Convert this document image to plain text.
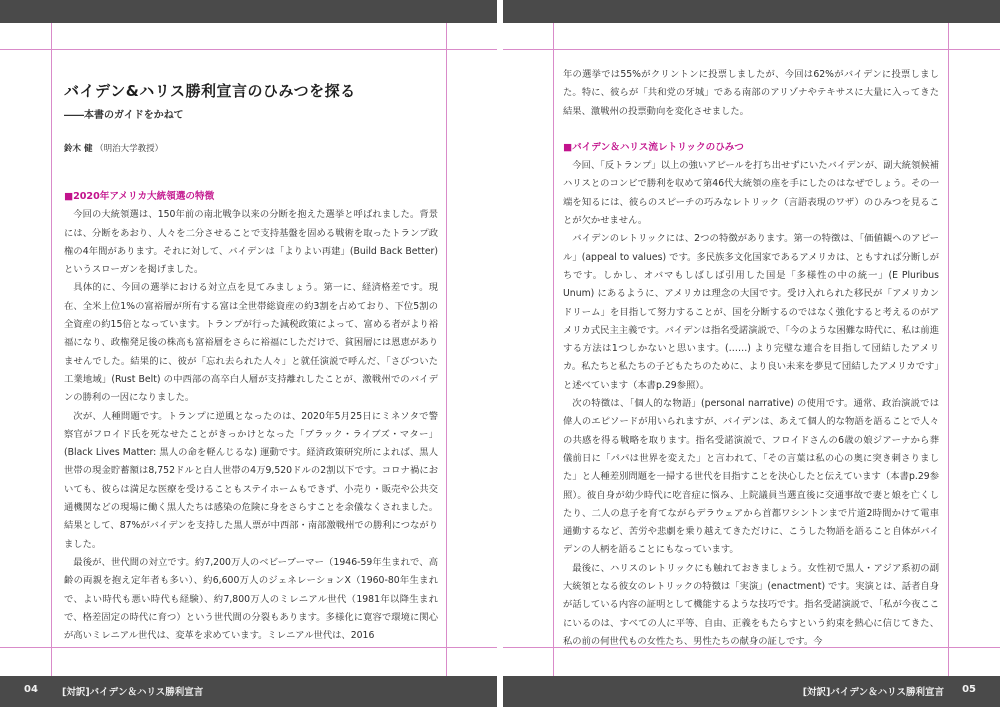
バイデン&ハリス勝利宣言のひみつを探る
――本書のガイドをかねて
鈴木 健 （明治大学教授）
■2020年アメリカ大統領選の特徴

今回の大統領選は、150年前の南北戦争以来の分断を抱えた選挙と呼ばれました。背景には、分断をあおり、人々を二分させることで支持基盤を固める戦術を取ったトランプ政権の4年間があります。それに対して、バイデンは「よりよい再建」(Build Back Better) というスローガンを掲げました。

具体的に、今回の選挙における対立点を見てみましょう。第一に、経済格差です。現在、全米上位1%の富裕層が所有する富は全世帯総資産の約3割を占めており、下位5割の全資産の約15倍となっています。トランプが行った減税政策によって、富める者がより裕福になり、政権発足後の株高も富裕層をさらに裕福にしただけで、貧困層には恩恵がありませんでした。結果的に、彼が「忘れ去られた人々」と就任演説で呼んだ、「さびついた工業地域」(Rust Belt) の中西部の高卒白人層が支持離れしたことが、激戦州でのバイデンの勝利の一因になりました。

次が、人種問題です。トランプに逆風となったのは、2020年5月25日にミネソタで警察官がフロイド氏を死なせたことがきっかけとなった「ブラック・ライブズ・マター」(Black Lives Matter: 黒人の命を軽んじるな) 運動です。経済政策研究所によれば、黒人世帯の現金貯蓄額は8,752ドルと白人世帯の4万9,520ドルの2割以下です。コロナ禍においても、彼らは満足な医療を受けることもステイホームもできず、小売り・販売や公共交通機関などの現場に働く黒人たちは感染の危険に身をさらすことを余儀なくされました。結果として、87%がバイデンを支持した黒人票が中西部・南部激戦州での勝利につながりました。

最後が、世代間の対立です。約7,200万人のベビーブーマー（1946-59年生まれで、高齢の両親を抱え定年者も多い）、約6,600万人のジェネレーションX（1960-80年生まれで、よい時代も悪い時代も経験）、約7,800万人のミレニアル世代（1981年以降生まれで、格差固定の時代に育つ）という世代間の分裂もあります。多様化に寛容で環境に関心が高いミレニアル世代は、変革を求めています。ミレニアル世代は、2016

年の選挙では55%がクリントンに投票しましたが、今回は62%がバイデンに投票しました。特に、彼らが「共和党の牙城」である南部のアリゾナやテキサスに大量に入ってきた結果、激戦州の投票動向を変化させました。

■バイデン＆ハリス流レトリックのひみつ

今回、「反トランプ」以上の強いアピールを打ち出せずにいたバイデンが、副大統領候補ハリスとのコンビで勝利を収めて第46代大統領の座を手にしたのはなぜでしょう。その一端を知るには、彼らのスピーチの巧みなレトリック（言語表現のワザ）のひみつを見ることが欠かせません。

バイデンのレトリックには、2つの特徴があります。第一の特徴は、「価値観へのアピール」(appeal to values) です。多民族多文化国家であるアメリカは、ともすれば分断しがちです。しかし、オバマもしばしば引用した国是「多様性の中の統一」(E Pluribus Unum) にあるように、アメリカは理念の大国です。受け入れられた移民が「アメリカンドリーム」を目指して努力することが、国を分断するのではなく強化すると考えるのがアメリカ式民主主義です。バイデンは指名受諾演説で、「今のような困難な時代に、私は前進する方法は1つしかないと思います。(……) より完璧な連合を目指して団結したアメリカ。私たちと私たちの子どもたちのために、より良い未来を夢見て団結したアメリカです」と述べています（本書p.29参照）。

次の特徴は、「個人的な物語」(personal narrative) の使用です。通常、政治演説では偉人のエピソードが用いられますが、バイデンは、あえて個人的な物語を語ることで人々の共感を得る戦略を取ります。指名受諾演説で、フロイドさんの6歳の娘ジアーナから葬儀前日に「パパは世界を変えた」と言われて、「その言葉は私の心の奥に突き刺さりました」と人種差別問題を一掃する世代を目指すことを決心したと伝えています（本書p.29参照）。彼自身が幼少時代に吃音症に悩み、上院議員当選直後に交通事故で妻と娘を亡くしたり、二人の息子を育てながらデラウェアから首都ワシントンまで片道2時間かけて電車通勤するなど、苦労や悲劇を乗り越えてきただけに、こうした物語を語ること自体がバイデンの人柄を語ることにもなっています。

最後に、ハリスのレトリックにも触れておきましょう。女性初で黒人・アジア系初の副大統領となる彼女のレトリックの特徴は「実演」(enactment) です。実演とは、話者自身が話している内容の証明として機能するような技巧です。指名受諾演説で、「私が今夜ここにいるのは、すべての人に平等、自由、正義をもたらすという約束を熱心に信じてきた、私の前の何世代もの女性たち、男性たちの献身の証しです。今

04	[対訳]バイデン＆ハリス勝利宣言	[対訳]バイデン＆ハリス勝利宣言 05
